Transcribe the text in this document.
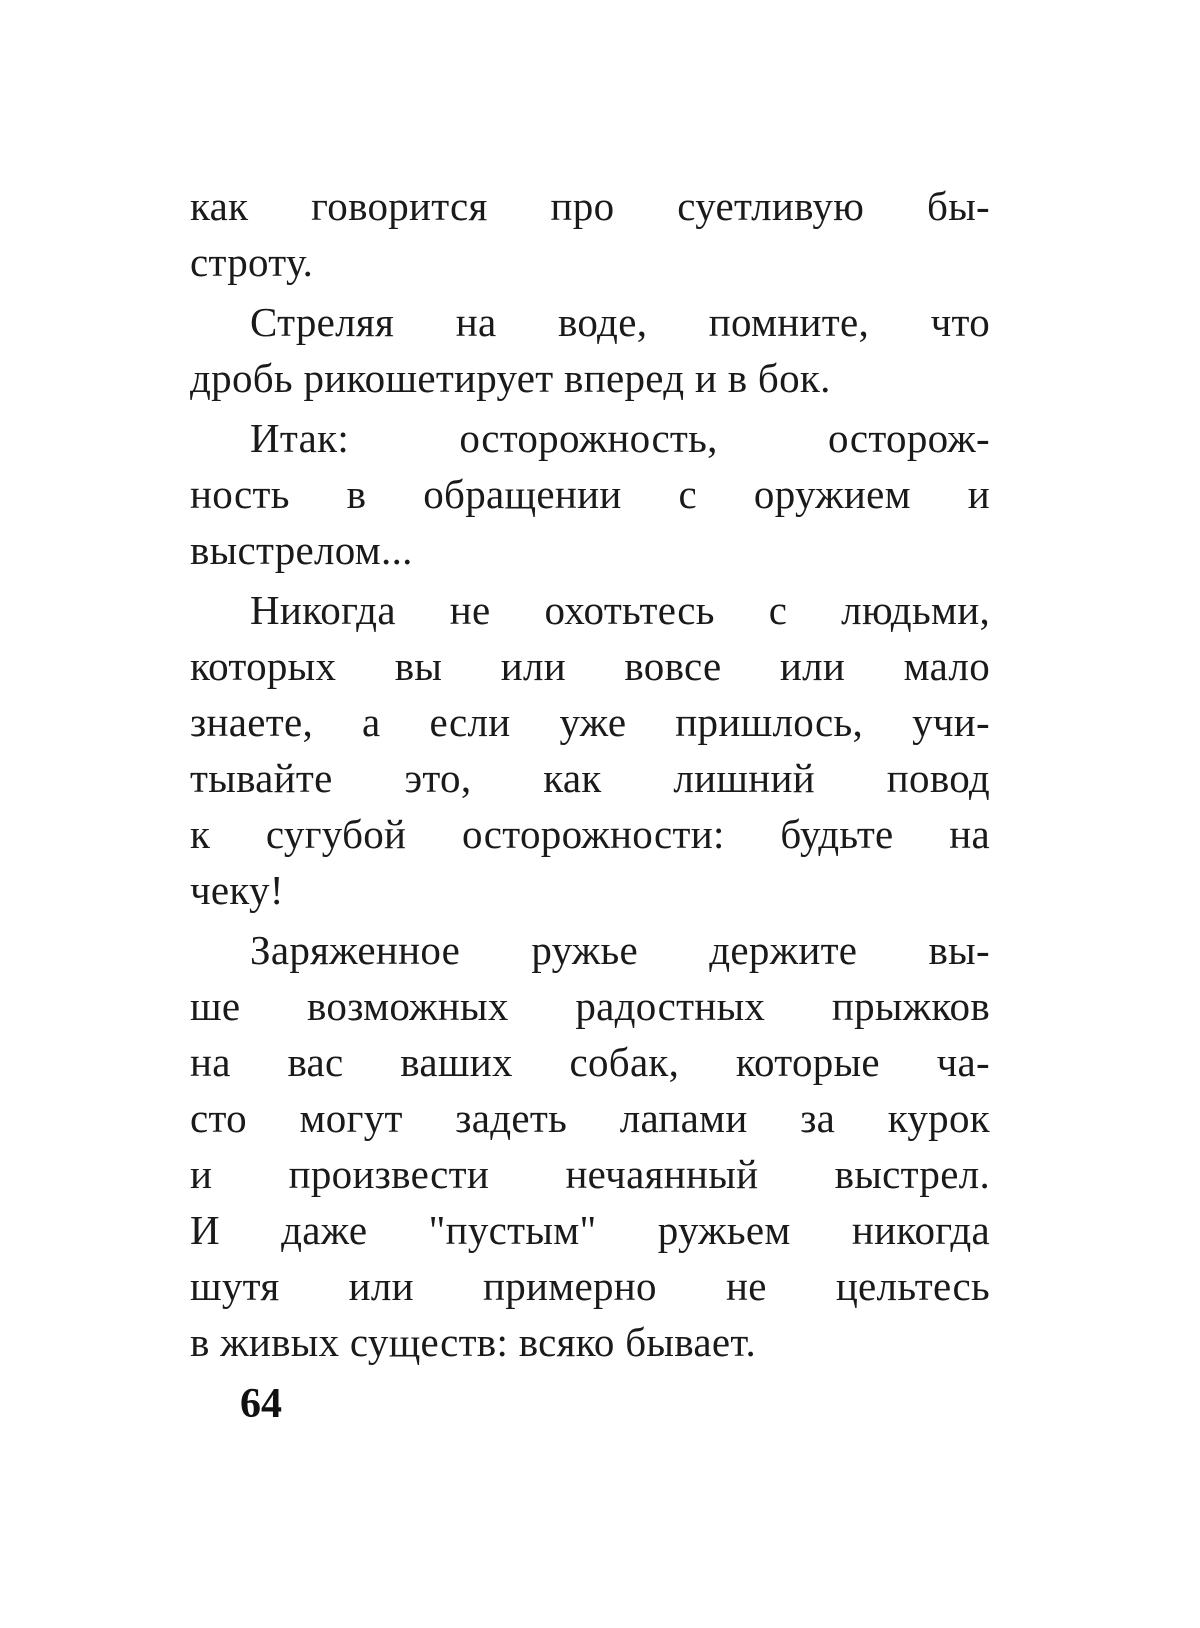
как говорится про суетливую бы-
строту.
Стреляя на воде, помните, что
дробь рикошетирует вперед и в бок.
Итак: осторожность, осторож-
ность в обращении с оружием и
выстрелом...
Никогда не охотьтесь с людьми,
которых вы или вовсе или мало
знаете, а если уже пришлось, учи-
тывайте это, как лишний повод
к сугубой осторожности: будьте на
чеку!
Заряженное ружье держите вы-
ше возможных радостных прыжков
на вас ваших собак, которые ча-
сто могут задеть лапами за курок
и произвести нечаянный выстрел.
И даже "пустым" ружьем никогда
шутя или примерно не цельтесь
в живых существ: всяко бывает.
64
